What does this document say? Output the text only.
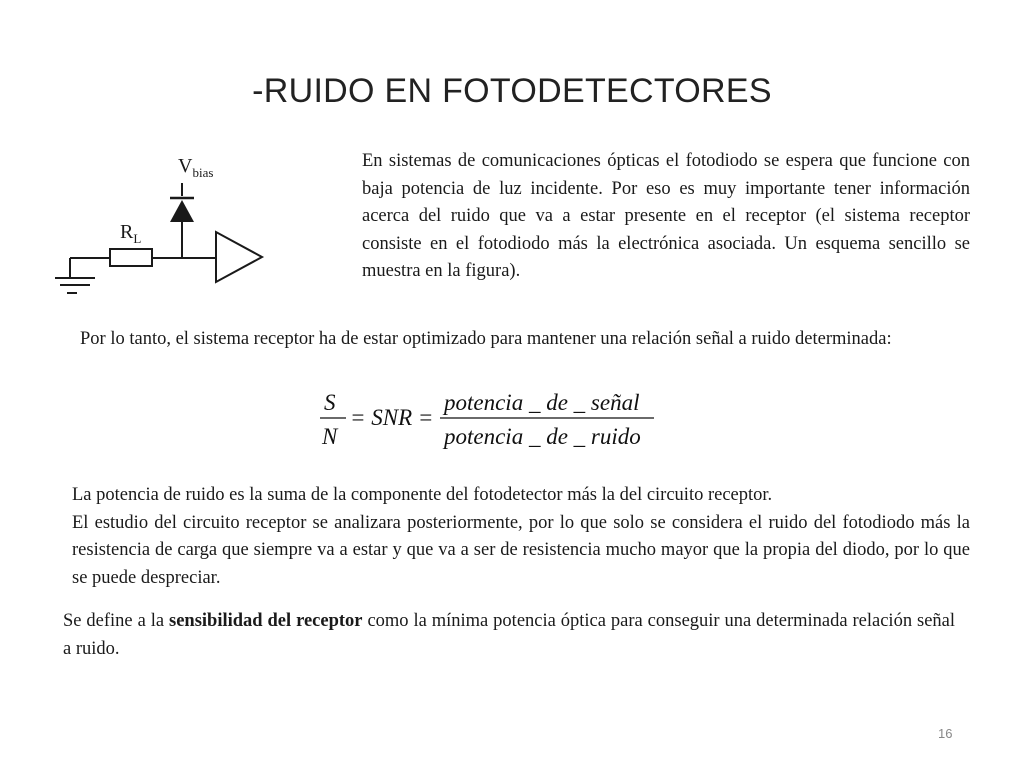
-RUIDO EN FOTODETECTORES
$V_{bias}$
$R_L$
En sistemas de comunicaciones ópticas el fotodiodo se espera que funcione con baja potencia de luz incidente. Por eso es muy importante tener información acerca del ruido que va a estar presente en el receptor (el sistema receptor consiste en el fotodiodo más la electrónica asociada. Un esquema sencillo se muestra en la figura).
Por lo tanto, el sistema receptor ha de estar optimizado para mantener una relación señal a ruido determinada:
S
N
= SNR =
potencia _ de _ señal
potencia _ de _ ruido
La potencia de ruido es la suma de la componente del fotodetector más la del circuito receptor.
El estudio del circuito receptor se analizara posteriormente, por lo que solo se considera el ruido del fotodiodo más la resistencia de carga que siempre va a estar y que va a ser de resistencia mucho mayor que la propia del diodo, por lo que se puede despreciar.
Se define a la sensibilidad del receptor como la mínima potencia óptica para conseguir una determinada relación señal a ruido.
16
